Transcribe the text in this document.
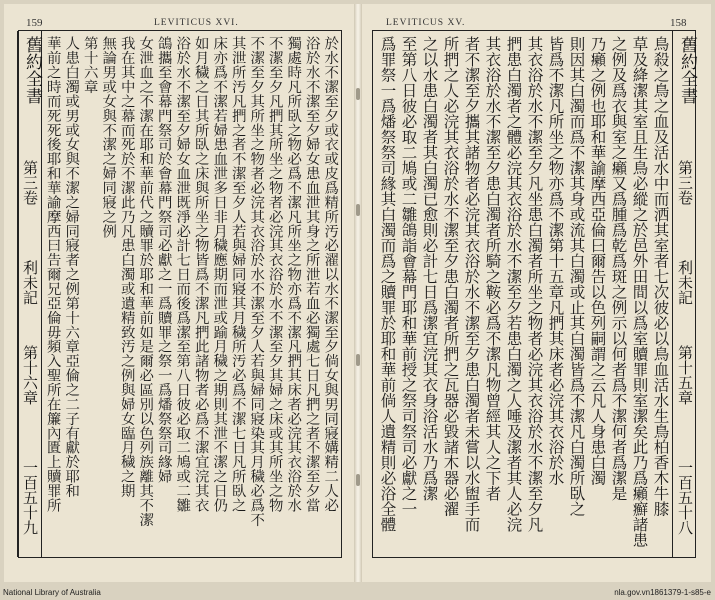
159	LEVITICUS XVI.
舊約全書
第三卷
利未記
第十六章
一百五十九	於水不潔至夕或衣或皮爲精所汚必濯以水不潔至夕倘女與男同寢媾精二人必
浴於水不潔至夕婦女患血泄其身之所泄若血必獨處七日凡捫之者不潔至夕當
獨處時凡所臥之物必爲不潔凡所坐之物亦爲不潔凡捫其床者必浣其衣浴於水
不潔至夕凡捫其所坐之物者必浣其衣浴於水不潔至夕其婦之床或其所坐之物
不潔至夕其所坐之物者必浣其衣浴於水不潔至夕人若與婦同寢染其月穢必爲不
其泄所汚凡捫之者不潔至夕人若與婦同寢其月穢所汚必爲不潔七日凡所臥之
床亦爲不潔若婦患血泄多日非月穢應期而泄或踰月穢之期則其泄不潔之日仍
如月穢之日其所臥之床與所坐之物皆爲不潔凡捫此諸物者必爲不潔宜浣其衣
浴於水不潔至夕婦女血泄既淨必計七日而後爲潔至第八日彼必取二鳩或二雛
鴿攜至會幕門祭司於會幕門祭司必獻之一爲贖罪之祭一爲燔祭祭司緣婦
女泄血之不潔在耶和華前代之贖罪於耶和華前如是爾必區別以色列族離其不潔
我在其中之幕而死於不潔此乃凡患白濁或遺精致汚之例與婦女臨月穢之期
無論男或女與不潔之婦同寢之例
第十六章
人患白濁或男或女與不潔之婦同寢者之例第十六章亞倫之二子有獻於耶和
華前之時而死死後耶和華諭摩西曰告爾兄亞倫毋頻入聖所在簾內匱上贖罪所
LEVITICUS XV.	158
舊約全書
第三卷
利未記
第十五章
一百五十八
鳥殺之鳥之血及活水中而洒其室者七次彼必以鳥血活水生鳥柏香木牛膝
草及絳潔其室且生鳥必縱之於邑外田間以爲室贖罪則室潔矣此乃爲癩癬諸患
之例及爲衣與室之癩又爲腫爲乾爲斑之例示以何者爲不潔何者爲潔是
乃癩之例也耶和華諭摩西亞倫曰爾告以色列嗣謂之云凡人身患白濁
則因其白濁而爲不潔其身或流其白濁或止其白濁皆爲不潔凡白濁所臥之
皆爲不潔凡所坐之物亦爲不潔第十五章凡捫其床者必浣其衣浴於水
其衣浴於水不潔至夕凡坐患白濁者所坐之物者必浣其衣浴於水不潔至夕凡
捫患白濁者之體必浣其衣浴於水不潔至夕若患白濁之人唾及潔者其人必浣
其衣浴於水不潔至夕患白濁者所騎之鞍必爲不潔凡物曾經其人之下者
者不潔至夕攜其諸物者必浣其衣浴於水不潔至夕患白濁者未嘗以水盥手而
所捫之人必浣其衣浴於水不潔至夕患白濁者所捫之瓦器必毀諸木器必濯
之以水患白濁者其白濁已愈則必計七日爲潔宜浣其衣身浴活水乃爲潔
至第八日彼必取二鳩或二雛鴿詣會幕門耶和華前授之祭司祭司必獻之一
爲罪祭一爲燔祭祭司緣其白濁而爲之贖罪於耶和華前倘人遺精則必浴全體
National Library of Australia	nla.gov.vn1861379-1-s85-e
